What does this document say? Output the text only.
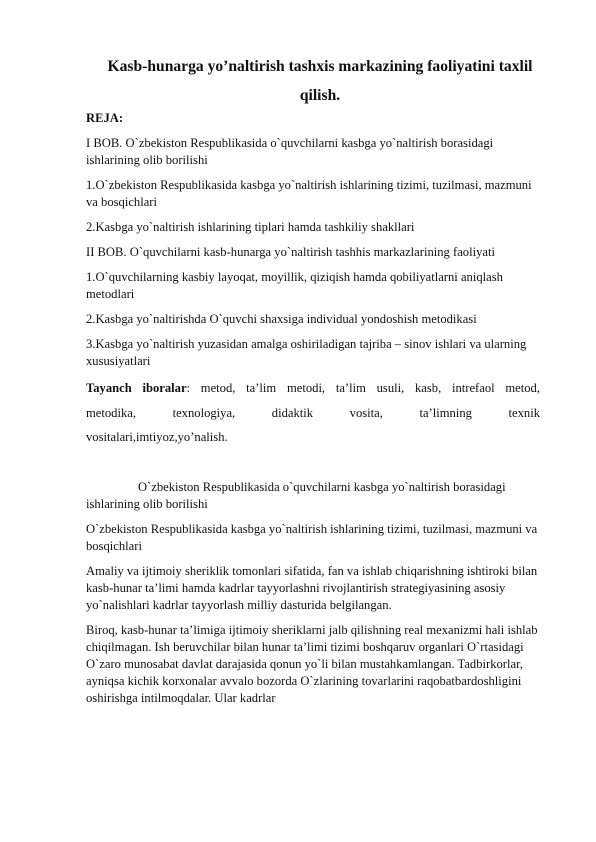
Kasb-hunarga yo’naltirish tashxis markazining faoliyatini taxlil
qilish.
REJA:
I BOB. O`zbekiston Respublikasida o`quvchilarni kasbga yo`naltirish borasidagi ishlarining olib borilishi
1.O`zbekiston Respublikasida kasbga yo`naltirish ishlarining tizimi, tuzilmasi, mazmuni va bosqichlari
2.Kasbga yo`naltirish ishlarining tiplari hamda tashkiliy shakllari
II BOB. O`quvchilarni kasb-hunarga yo`naltirish tashhis markazlarining faoliyati
1.O`quvchilarning kasbiy layoqat, moyillik, qiziqish hamda qobiliyatlarni aniqlash metodlari
2.Kasbga yo`naltirishda O`quvchi shaxsiga individual yondoshish metodikasi
3.Kasbga yo`naltirish yuzasidan amalga oshiriladigan tajriba – sinov ishlari va ularning xususiyatlari
Tayanch iboralar: metod, ta’lim metodi, ta’lim usuli, kasb, intrefaol metod,
metodika, texnologiya, didaktik vosita, ta’limning texnik
vositalari,imtiyoz,yo’nalish.
O`zbekiston Respublikasida o`quvchilarni kasbga yo`naltirish borasidagi ishlarining olib borilishi
O`zbekiston Respublikasida kasbga yo`naltirish ishlarining tizimi, tuzilmasi, mazmuni va bosqichlari
Amaliy va ijtimoiy sheriklik tomonlari sifatida, fan va ishlab chiqarishning ishtiroki bilan kasb-hunar ta’limi hamda kadrlar tayyorlashni rivojlantirish strategiyasining asosiy yo`nalishlari kadrlar tayyorlash milliy dasturida belgilangan.
Biroq, kasb-hunar ta’limiga ijtimoiy sheriklarni jalb qilishning real mexanizmi hali ishlab chiqilmagan. Ish beruvchilar bilan hunar ta’limi tizimi boshqaruv organlari O`rtasidagi O`zaro munosabat davlat darajasida qonun yo`li bilan mustahkamlangan. Tadbirkorlar, ayniqsa kichik korxonalar avvalo bozorda O`zlarining tovarlarini raqobatbardoshligini oshirishga intilmoqdalar. Ular kadrlar
